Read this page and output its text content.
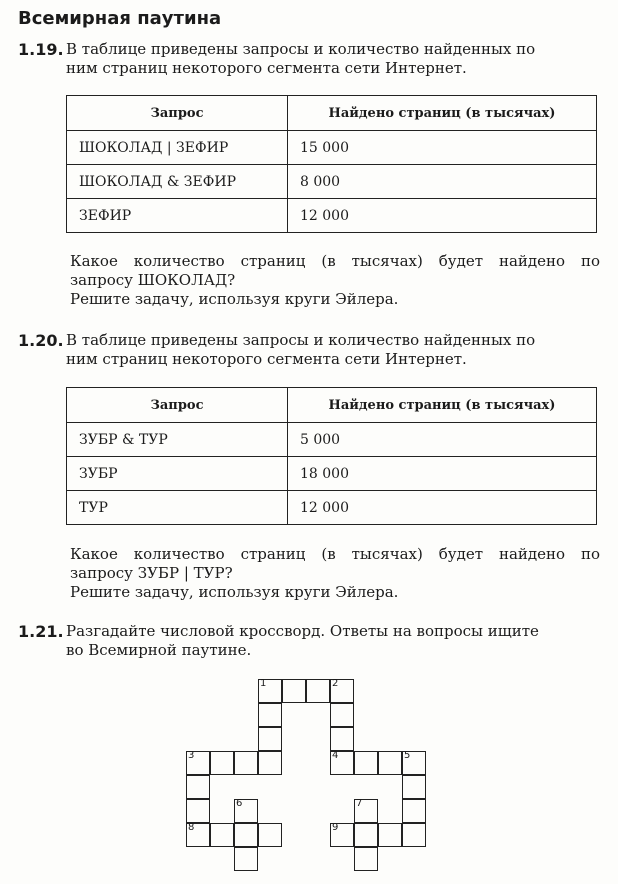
Всемирная паутина
1.19. В таблице приведены запросы и количество найденных по

ним страниц некоторого сегмента сети Интернет.

Запрос	Найдено страниц (в тысячах)
ШОКОЛАД | ЗЕФИР	15 000
ШОКОЛАД & ЗЕФИР	8 000
ЗЕФИР	12 000

Какое количество страниц (в тысячах) будет найдено по

запросу ШОКОЛАД?

Решите задачу, используя круги Эйлера.

1.20. В таблице приведены запросы и количество найденных по

ним страниц некоторого сегмента сети Интернет.

Запрос	Найдено страниц (в тысячах)
ЗУБР & ТУР	5 000
ЗУБР	18 000
ТУР	12 000

Какое количество страниц (в тысячах) будет найдено по

запросу ЗУБР | ТУР?

Решите задачу, используя круги Эйлера.

1.21. Разгадайте числовой кроссворд. Ответы на вопросы ищите

во Всемирной паутине.

1	2
3	4	5
6	7
8	9
